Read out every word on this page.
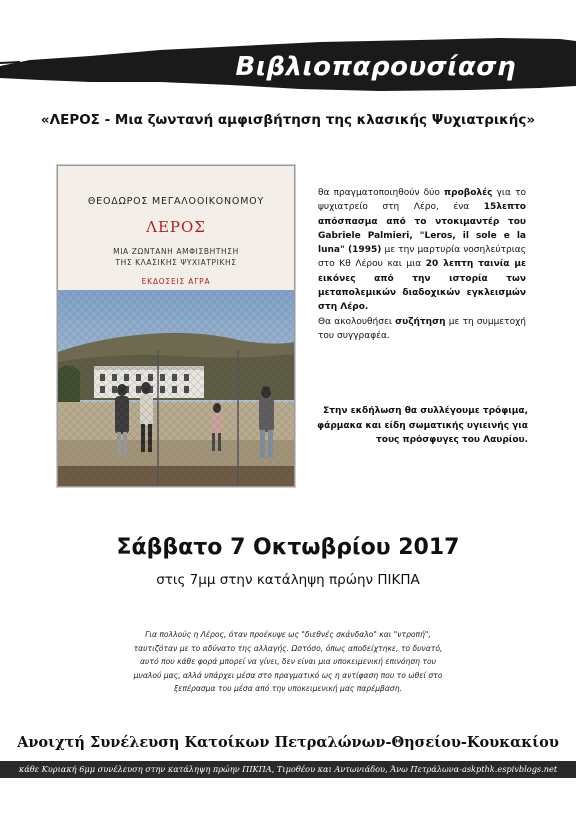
Βιβλιοπαρουσίαση
«ΛΕΡΟΣ - Μια ζωντανή αμφισβήτηση της κλασικής Ψυχιατρικής»
ΘΕΟΔΩΡΟΣ ΜΕΓΑΛΟΟΙΚΟΝΟΜΟΥ
ΛΕΡΟΣ
ΜΙΑ ΖΩΝΤΑΝΗ ΑΜΦΙΣΒΗΤΗΣΗ
ΤΗΣ ΚΛΑΣΙΚΗΣ ΨΥΧΙΑΤΡΙΚΗΣ
ΕΚΔΟΣΕΙΣ ΑΓΡΑ
θα πραγματοποιηθούν δύο προβολές για το ψυχιατρείο στη Λέρο, ένα 15λεπτο απόσπασμα από το ντοκιμαντέρ του Gabriele Palmieri, "Leros, il sole e la luna" (1995) με την μαρτυρία νοσηλεύτριας στο Κθ Λέρου και μια 20 λεπτη ταινία με εικόνες από την ιστορία των μεταπολεμικών διαδοχικών εγκλεισμών στη Λέρο.
Θα ακολουθήσει συζήτηση με τη συμμετοχή του συγγραφέα.
Στην εκδήλωση θα συλλέγουμε τρόφιμα, φάρμακα και είδη σωματικής υγιεινής για τους πρόσφυγες του Λαυρίου.
Σάββατο 7 Οκτωβρίου 2017
στις 7μμ στην κατάληψη πρώην ΠΙΚΠΑ
Για πολλούς η Λέρος, όταν προέκυψε ως "διεθνές σκάνδαλο" και "ντροπή", ταυτιζόταν με το αδύνατο της αλλαγής. Ωστόσο, όπως αποδείχτηκε, το δυνατό, αυτό που κάθε φορά μπορεί να γίνει, δεν είναι μια υποκειμενική επινόηση του μυαλού μας, αλλά υπάρχει μέσα στο πραγματικό ως η αντίφαση που το ωθεί στο ξεπέρασμα του μέσα από την υποκειμενική μας παρέμβαση.
Ανοιχτή Συνέλευση Κατοίκων Πετραλώνων-Θησείου-Κουκακίου
κάθε Κυριακή 6μμ συνέλευση στην κατάληψη πρώην ΠΙΚΠΑ, Τιμοθέου και Αντωνιάδου, Άνω Πετράλωνα-askpthk.espivblogs.net
